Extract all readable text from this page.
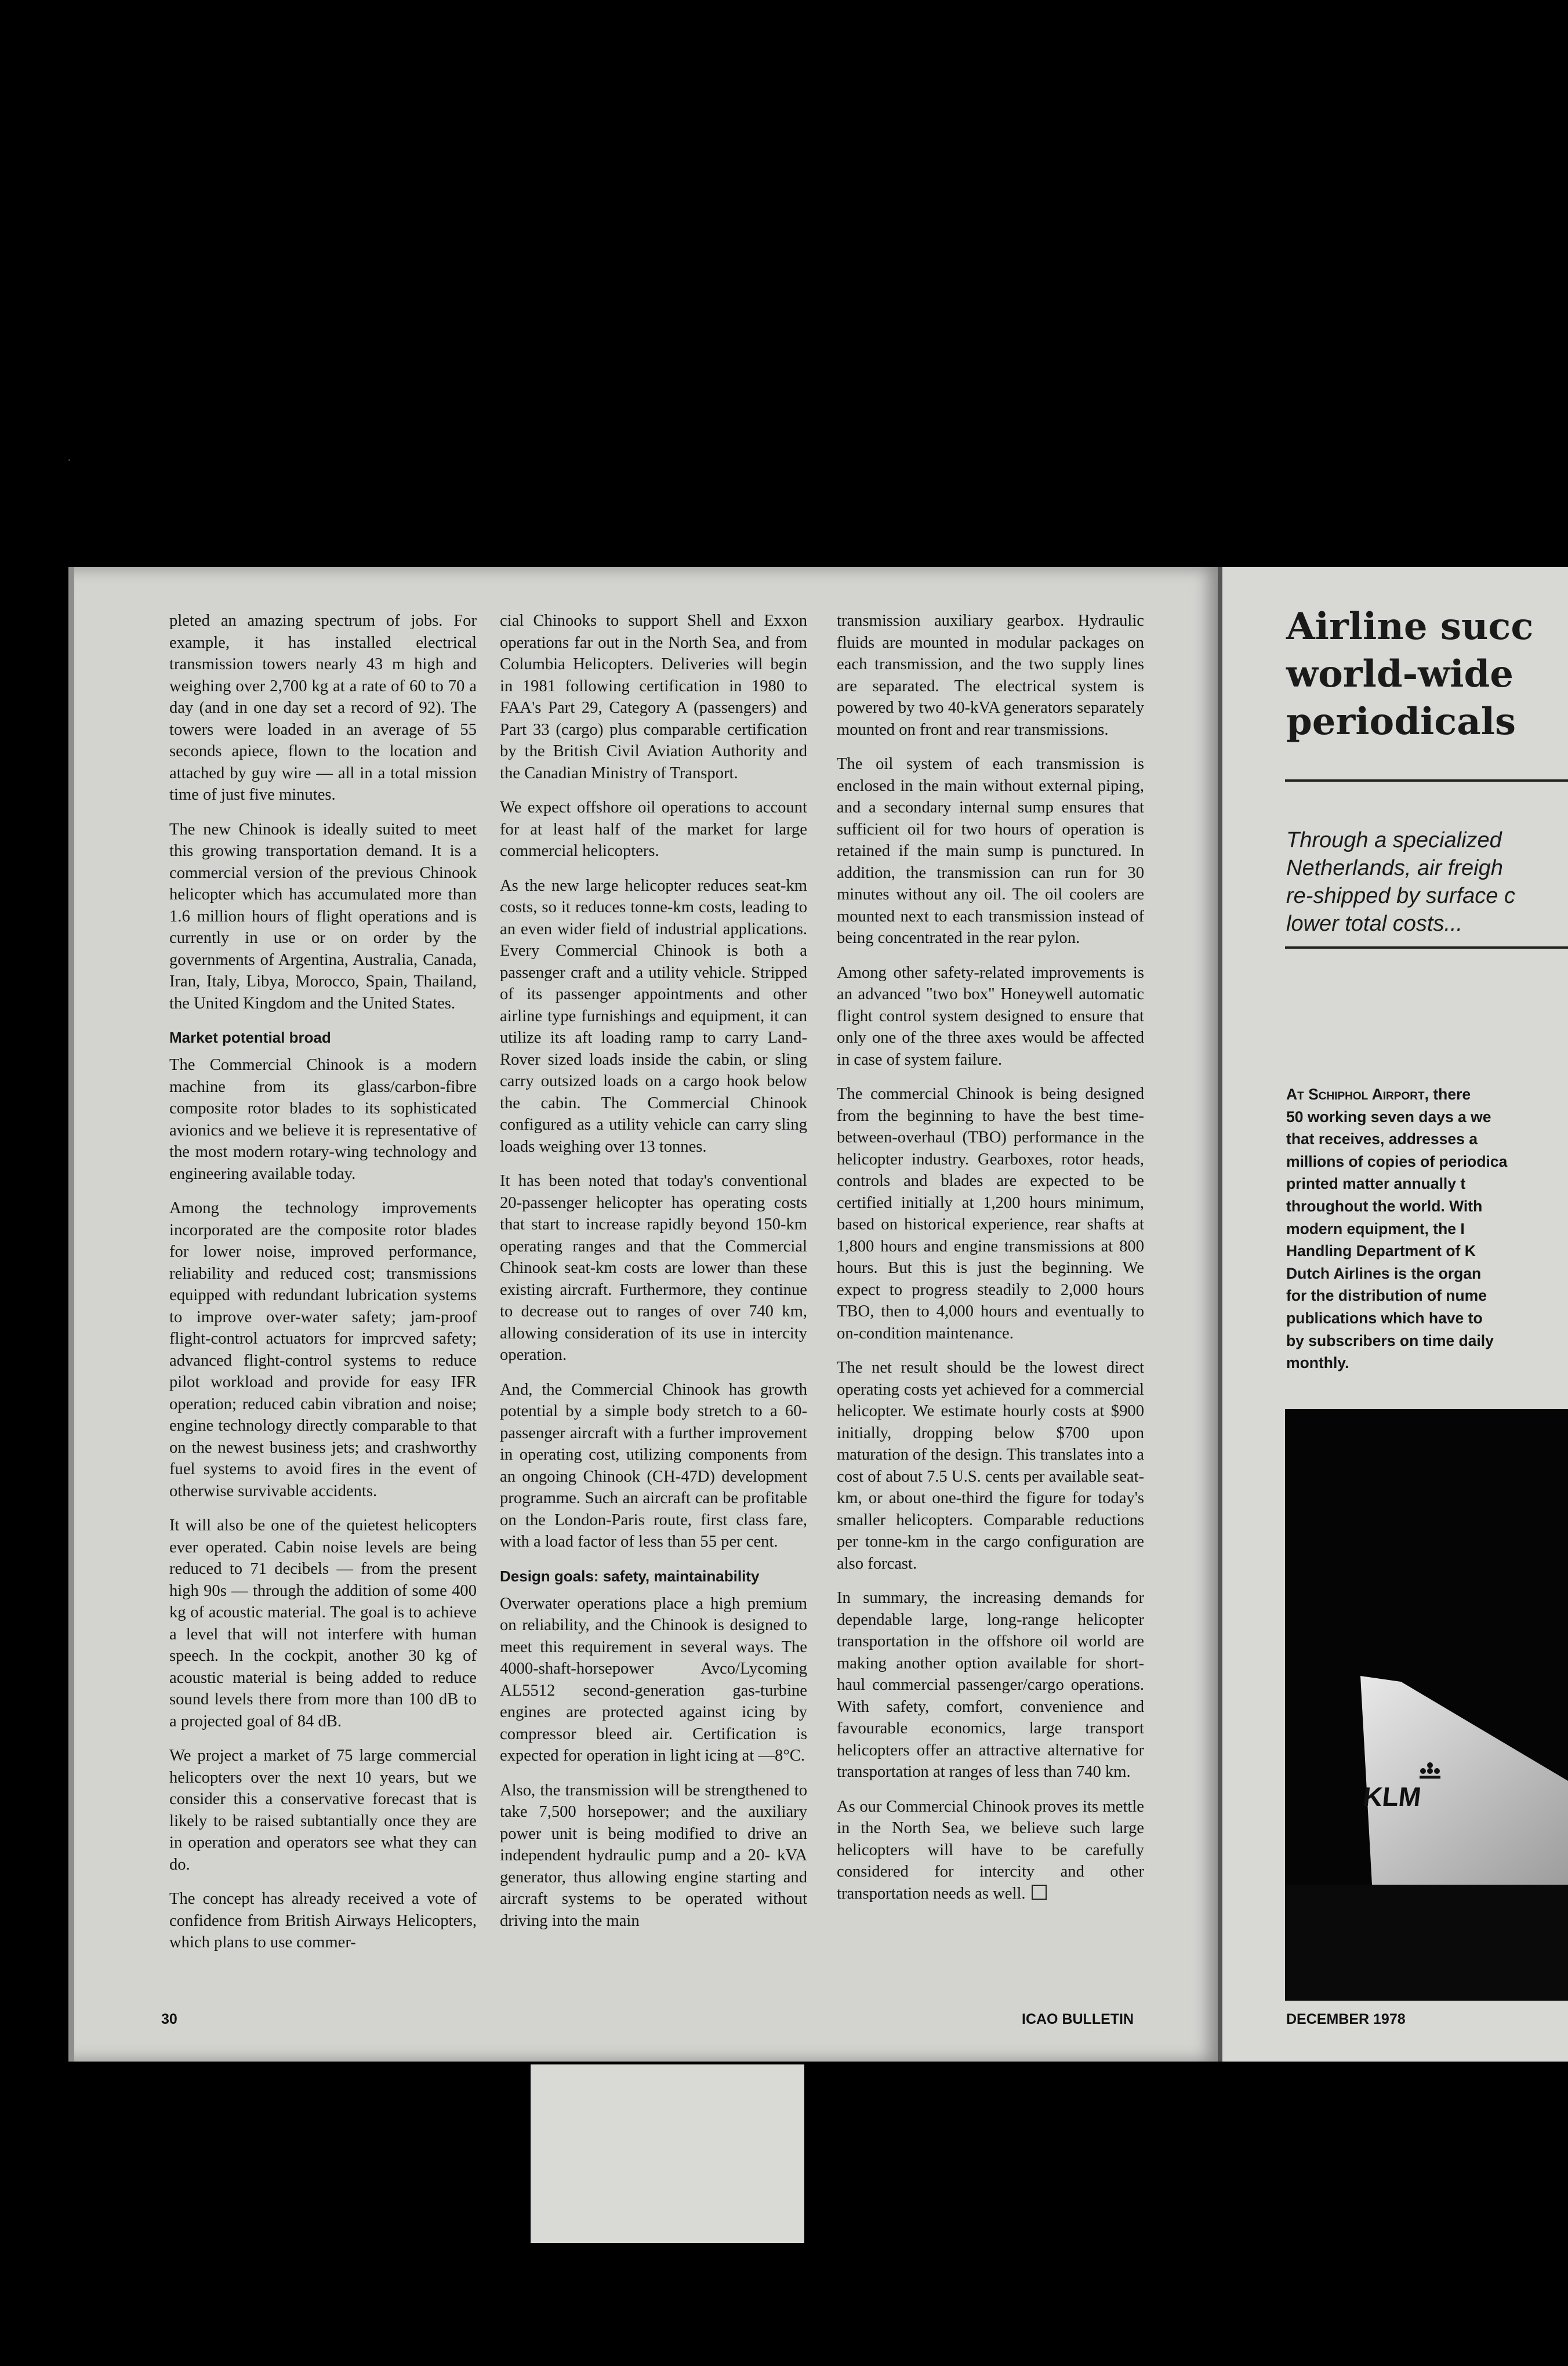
pleted an amazing spectrum of jobs. For example, it has installed electrical transmission towers nearly 43 m high and weighing over 2,700 kg at a rate of 60 to 70 a day (and in one day set a record of 92). The towers were loaded in an average of 55 seconds apiece, flown to the location and attached by guy wire — all in a total mission time of just five minutes.

The new Chinook is ideally suited to meet this growing transportation demand. It is a commercial version of the previous Chinook helicopter which has accumulated more than 1.6 million hours of flight operations and is currently in use or on order by the governments of Argentina, Australia, Canada, Iran, Italy, Libya, Morocco, Spain, Thailand, the United Kingdom and the United States.

Market potential broad

The Commercial Chinook is a modern machine from its glass/carbon-fibre composite rotor blades to its sophisticated avionics and we believe it is representative of the most modern rotary-wing technology and engineering available today.

Among the technology improvements incorporated are the composite rotor blades for lower noise, improved performance, reliability and reduced cost; transmissions equipped with redundant lubrication systems to improve over-water safety; jam-proof flight-control actuators for imprcved safety; advanced flight-control systems to reduce pilot workload and provide for easy IFR operation; reduced cabin vibration and noise; engine technology directly comparable to that on the newest business jets; and crashworthy fuel systems to avoid fires in the event of otherwise survivable accidents.

It will also be one of the quietest helicopters ever operated. Cabin noise levels are being reduced to 71 decibels — from the present high 90s — through the addition of some 400 kg of acoustic material. The goal is to achieve a level that will not interfere with human speech. In the cockpit, another 30 kg of acoustic material is being added to reduce sound levels there from more than 100 dB to a projected goal of 84 dB.

We project a market of 75 large commercial helicopters over the next 10 years, but we consider this a conservative forecast that is likely to be raised subtantially once they are in operation and operators see what they can do.

The concept has already received a vote of confidence from British Airways Helicopters, which plans to use commer-

cial Chinooks to support Shell and Exxon operations far out in the North Sea, and from Columbia Helicopters. Deliveries will begin in 1981 following certification in 1980 to FAA's Part 29, Category A (passengers) and Part 33 (cargo) plus comparable certification by the British Civil Aviation Authority and the Canadian Ministry of Transport.

We expect offshore oil operations to account for at least half of the market for large commercial helicopters.

As the new large helicopter reduces seat-km costs, so it reduces tonne-km costs, leading to an even wider field of industrial applications. Every Commercial Chinook is both a passenger craft and a utility vehicle. Stripped of its passenger appointments and other airline type furnishings and equipment, it can utilize its aft loading ramp to carry Land-Rover sized loads inside the cabin, or sling carry outsized loads on a cargo hook below the cabin. The Commercial Chinook configured as a utility vehicle can carry sling loads weighing over 13 tonnes.

It has been noted that today's conventional 20-passenger helicopter has operating costs that start to increase rapidly beyond 150-km operating ranges and that the Commercial Chinook seat-km costs are lower than these existing aircraft. Furthermore, they continue to decrease out to ranges of over 740 km, allowing consideration of its use in intercity operation.

And, the Commercial Chinook has growth potential by a simple body stretch to a 60-passenger aircraft with a further improvement in operating cost, utilizing components from an ongoing Chinook (CH-47D) development programme. Such an aircraft can be profitable on the London-Paris route, first class fare, with a load factor of less than 55 per cent.

Design goals: safety, maintainability

Overwater operations place a high premium on reliability, and the Chinook is designed to meet this requirement in several ways. The 4000-shaft-horsepower Avco/Lycoming AL5512 second-generation gas-turbine engines are protected against icing by compressor bleed air. Certification is expected for operation in light icing at —8°C.

Also, the transmission will be strengthened to take 7,500 horsepower; and the auxiliary power unit is being modified to drive an independent hydraulic pump and a 20- kVA generator, thus allowing engine starting and aircraft systems to be operated without driving into the main

transmission auxiliary gearbox. Hydraulic fluids are mounted in modular packages on each transmission, and the two supply lines are separated. The electrical system is powered by two 40-kVA generators separately mounted on front and rear transmissions.

The oil system of each transmission is enclosed in the main without external piping, and a secondary internal sump ensures that sufficient oil for two hours of operation is retained if the main sump is punctured. In addition, the transmission can run for 30 minutes without any oil. The oil coolers are mounted next to each transmission instead of being concentrated in the rear pylon.

Among other safety-related improvements is an advanced "two box" Honeywell automatic flight control system designed to ensure that only one of the three axes would be affected in case of system failure.

The commercial Chinook is being designed from the beginning to have the best time-between-overhaul (TBO) performance in the helicopter industry. Gearboxes, rotor heads, controls and blades are expected to be certified initially at 1,200 hours minimum, based on historical experience, rear shafts at 1,800 hours and engine transmissions at 800 hours. But this is just the beginning. We expect to progress steadily to 2,000 hours TBO, then to 4,000 hours and eventually to on-condition maintenance.

The net result should be the lowest direct operating costs yet achieved for a commercial helicopter. We estimate hourly costs at $900 initially, dropping below $700 upon maturation of the design. This translates into a cost of about 7.5 U.S. cents per available seat-km, or about one-third the figure for today's smaller helicopters. Comparable reductions per tonne-km in the cargo configuration are also forcast.

In summary, the increasing demands for dependable large, long-range helicopter transportation in the offshore oil world are making another option available for short-haul commercial passenger/cargo operations. With safety, comfort, convenience and favourable economics, large transport helicopters offer an attractive alternative for transportation at ranges of less than 740 km.

As our Commercial Chinook proves its mettle in the North Sea, we believe such large helicopters will have to be carefully considered for intercity and other transportation needs as well.

30	ICAO BULLETIN
Airline succ
world-wide
periodicals
Through a specialized
Netherlands, air freigh
re-shipped by surface c
lower total costs...
At Schiphol Airport, there
50 working seven days a we
that receives, addresses a
millions of copies of periodica
printed matter annually t
throughout the world. With
modern equipment, the I
Handling Department of K
Dutch Airlines is the organ
for the distribution of nume
publications which have to
by subscribers on time daily
monthly.
KLM
DECEMBER 1978
